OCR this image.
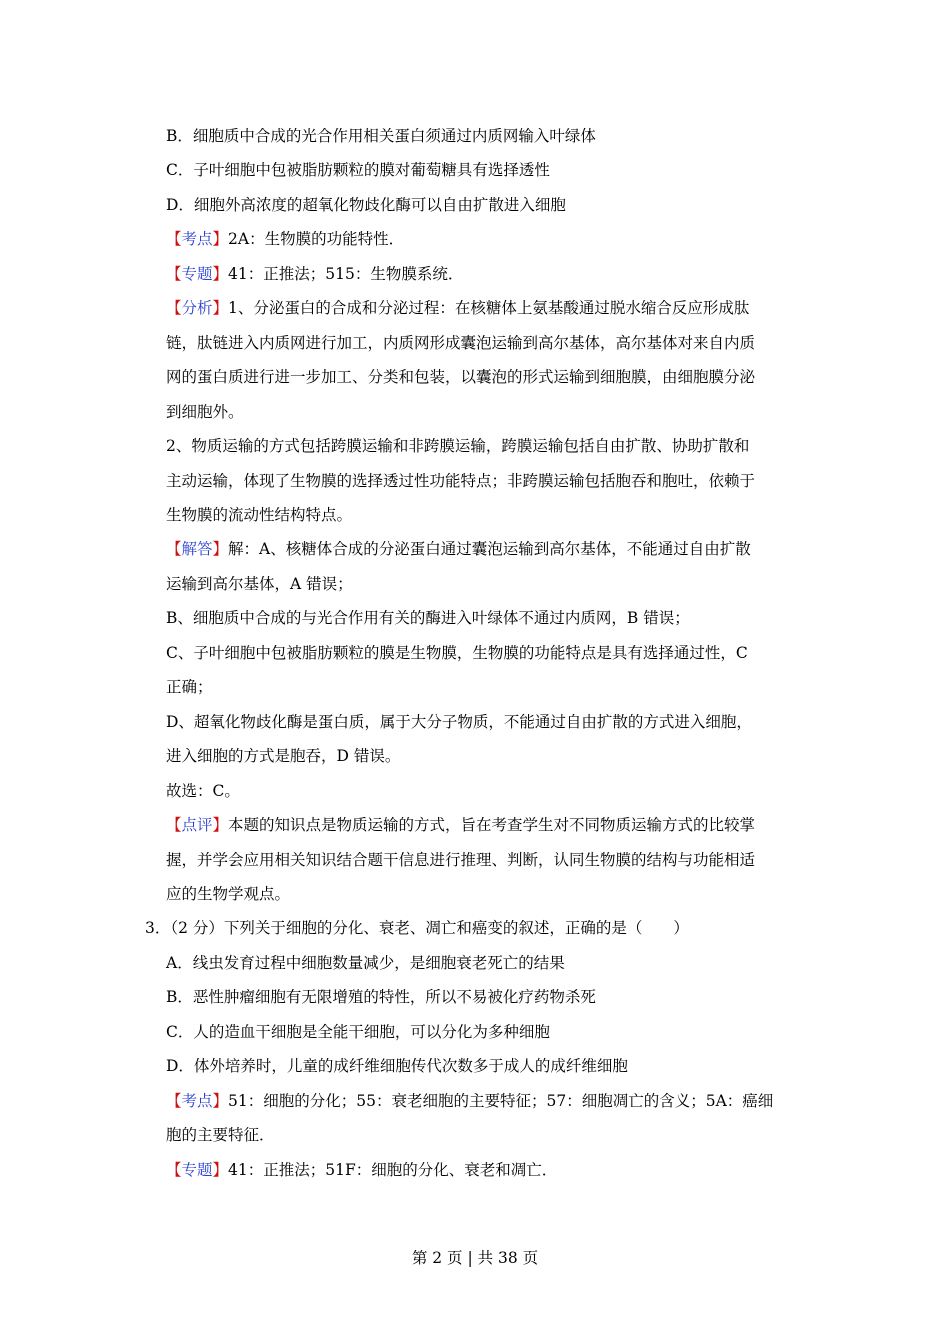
B．细胞质中合成的光合作用相关蛋白须通过内质网输入叶绿体
C．子叶细胞中包被脂肪颗粒的膜对葡萄糖具有选择透性
D．细胞外高浓度的超氧化物歧化酶可以自由扩散进入细胞
【考点】2A：生物膜的功能特性．
【专题】41：正推法；515：生物膜系统．
【分析】1、分泌蛋白的合成和分泌过程：在核糖体上氨基酸通过脱水缩合反应形成肽
链，肽链进入内质网进行加工，内质网形成囊泡运输到高尔基体，高尔基体对来自内质
网的蛋白质进行进一步加工、分类和包装，以囊泡的形式运输到细胞膜，由细胞膜分泌
到细胞外。
2、物质运输的方式包括跨膜运输和非跨膜运输，跨膜运输包括自由扩散、协助扩散和
主动运输，体现了生物膜的选择透过性功能特点；非跨膜运输包括胞吞和胞吐，依赖于
生物膜的流动性结构特点。
【解答】解：A、核糖体合成的分泌蛋白通过囊泡运输到高尔基体，不能通过自由扩散
运输到高尔基体，A 错误；
B、细胞质中合成的与光合作用有关的酶进入叶绿体不通过内质网，B 错误；
C、子叶细胞中包被脂肪颗粒的膜是生物膜，生物膜的功能特点是具有选择通过性，C
正确；
D、超氧化物歧化酶是蛋白质，属于大分子物质，不能通过自由扩散的方式进入细胞，
进入细胞的方式是胞吞，D 错误。
故选：C。
【点评】本题的知识点是物质运输的方式，旨在考查学生对不同物质运输方式的比较掌
握，并学会应用相关知识结合题干信息进行推理、判断，认同生物膜的结构与功能相适
应的生物学观点。
3．（2 分）下列关于细胞的分化、衰老、凋亡和癌变的叙述，正确的是（　　）
A．线虫发育过程中细胞数量减少，是细胞衰老死亡的结果
B．恶性肿瘤细胞有无限增殖的特性，所以不易被化疗药物杀死
C．人的造血干细胞是全能干细胞，可以分化为多种细胞
D．体外培养时，儿童的成纤维细胞传代次数多于成人的成纤维细胞
【考点】51：细胞的分化；55：衰老细胞的主要特征；57：细胞凋亡的含义；5A：癌细
胞的主要特征．
【专题】41：正推法；51F：细胞的分化、衰老和凋亡．
第 2 页 | 共 38 页
